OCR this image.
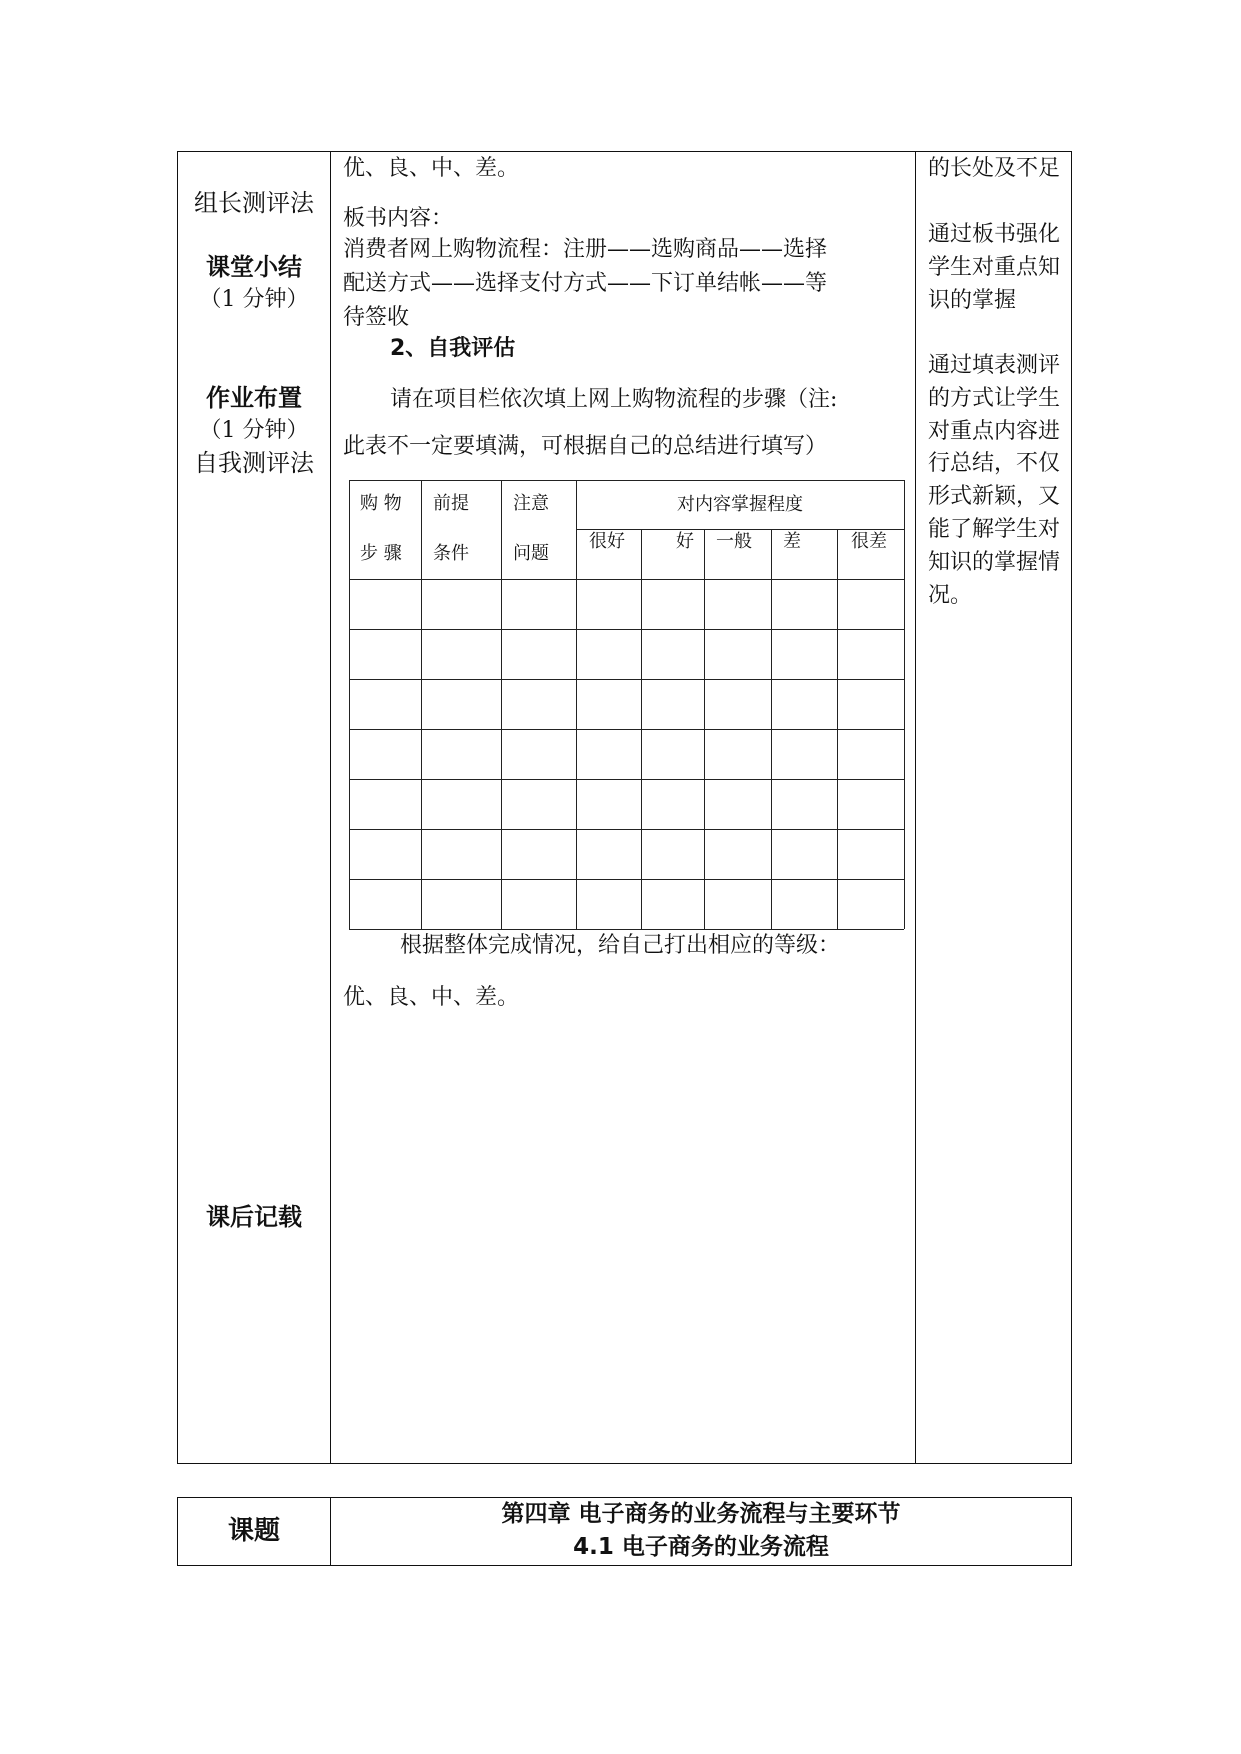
组长测评法
课堂小结
（1 分钟）
作业布置
（1 分钟）
自我测评法
课后记载
优、良、中、差。
板书内容：
消费者网上购物流程：注册——选购商品——选择
配送方式——选择支付方式——下订单结帐——等
待签收
2、自我评估
请在项目栏依次填上网上购物流程的步骤（注:
此表不一定要填满，可根据自己的总结进行填写）
根据整体完成情况，给自己打出相应的等级：
优、良、中、差。
购 物
步 骤
前提
条件
注意
问题
对内容掌握程度
很好	好 一般 差	很差
的长处及不足
通过板书强化
学生对重点知
识的掌握
通过填表测评
的方式让学生
对重点内容进
行总结，不仅
形式新颖，又
能了解学生对
知识的掌握情
况。
课题
第四章 电子商务的业务流程与主要环节
4.1 电子商务的业务流程
